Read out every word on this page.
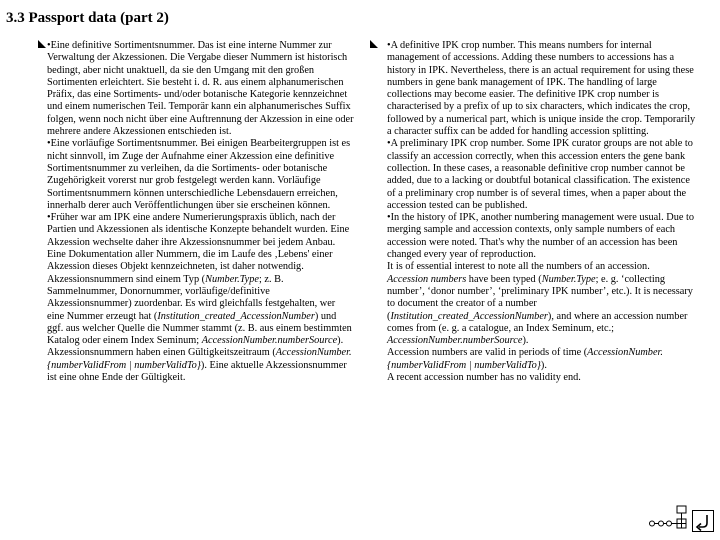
3.3 Passport data (part 2)

•Eine definitive Sortimentsnummer. Das ist eine interne Nummer zur Verwaltung der Akzessionen. Die Vergabe dieser Nummern ist historisch bedingt, aber nicht unaktuell, da sie den Umgang mit den großen Sortimenten erleichtert. Sie besteht i. d. R. aus einem alphanumerischen Präfix, das eine Sortiments- und/oder botanische Kategorie kennzeichnet und einem numerischen Teil. Temporär kann ein alphanumerisches Suffix folgen, wenn noch nicht über eine Auftrennung der Akzession in eine oder mehrere andere Akzessionen entschieden ist.

•Eine vorläufige Sortimentsnummer. Bei einigen Bearbeitergruppen ist es nicht sinnvoll, im Zuge der Aufnahme einer Akzession eine definitive Sortimentsnummer zu verleihen, da die Sortiments- oder botanische Zugehörigkeit vorerst nur grob festgelegt werden kann. Vorläufige Sortimentsnummern können unterschiedliche Lebensdauern erreichen, innerhalb derer auch Veröffentlichungen über sie erscheinen können.

•Früher war am IPK eine andere Numerierungspraxis üblich, nach der Partien und Akzessionen als identische Konzepte behandelt wurden. Eine Akzession wechselte daher ihre Akzessionsnummer bei jedem Anbau.

Eine Dokumentation aller Nummern, die im Laufe des ‚Lebens' einer Akzession dieses Objekt kennzeichneten, ist daher notwendig.

Akzessionsnummern sind einem Typ (Number.Type; z. B. Sammelnummer, Donornummer, vorläufige/definitive Akzessionsnummer) zuordenbar. Es wird gleichfalls festgehalten, wer eine Nummer erzeugt hat (Institution_created_AccessionNumber) und ggf. aus welcher Quelle die Nummer stammt (z. B. aus einem bestimmten Katalog oder einem Index Seminum; AccessionNumber.numberSource). Akzessionsnummern haben einen Gültigkeitszeitraum (AccessionNumber.{numberValidFrom | numberValidTo}). Eine aktuelle Akzessionsnummer ist eine ohne Ende der Gültigkeit.

•A definitive IPK crop number. This means numbers for internal management of accessions. Adding these numbers to accessions has a history in IPK. Nevertheless, there is an actual requirement for using these numbers in gene bank management of IPK. The handling of large collections may become easier. The definitive IPK crop number is characterised by a prefix of up to six characters, which indicates the crop, followed by a numerical part, which is unique inside the crop. Temporarily a character suffix can be added for handling accession splitting.

•A preliminary IPK crop number. Some IPK curator groups are not able to classify an accession correctly, when this accession enters the gene bank collection. In these cases, a reasonable definitive crop number cannot be added, due to a lacking or doubtful botanical classification. The existence of a preliminary crop number is of several times, when a paper about the accession tested can be published.

•In the history of IPK, another numbering management were usual. Due to merging sample and accession contexts, only sample numbers of each accession were noted. That's why the number of an accession has been changed every year of reproduction.

It is of essential interest to note all the numbers of an accession.

Accession numbers have been typed (Number.Type; e. g. ‘collecting number’, ‘donor number’, ‘preliminary IPK number’, etc.). It is necessary to document the creator of a number (Institution_created_AccessionNumber), and where an accession number comes from (e. g. a catalogue, an Index Seminum, etc.; AccessionNumber.numberSource).

Accession numbers are valid in periods of time (AccessionNumber.{numberValidFrom | numberValidTo}).

A recent accession number has no validity end.
